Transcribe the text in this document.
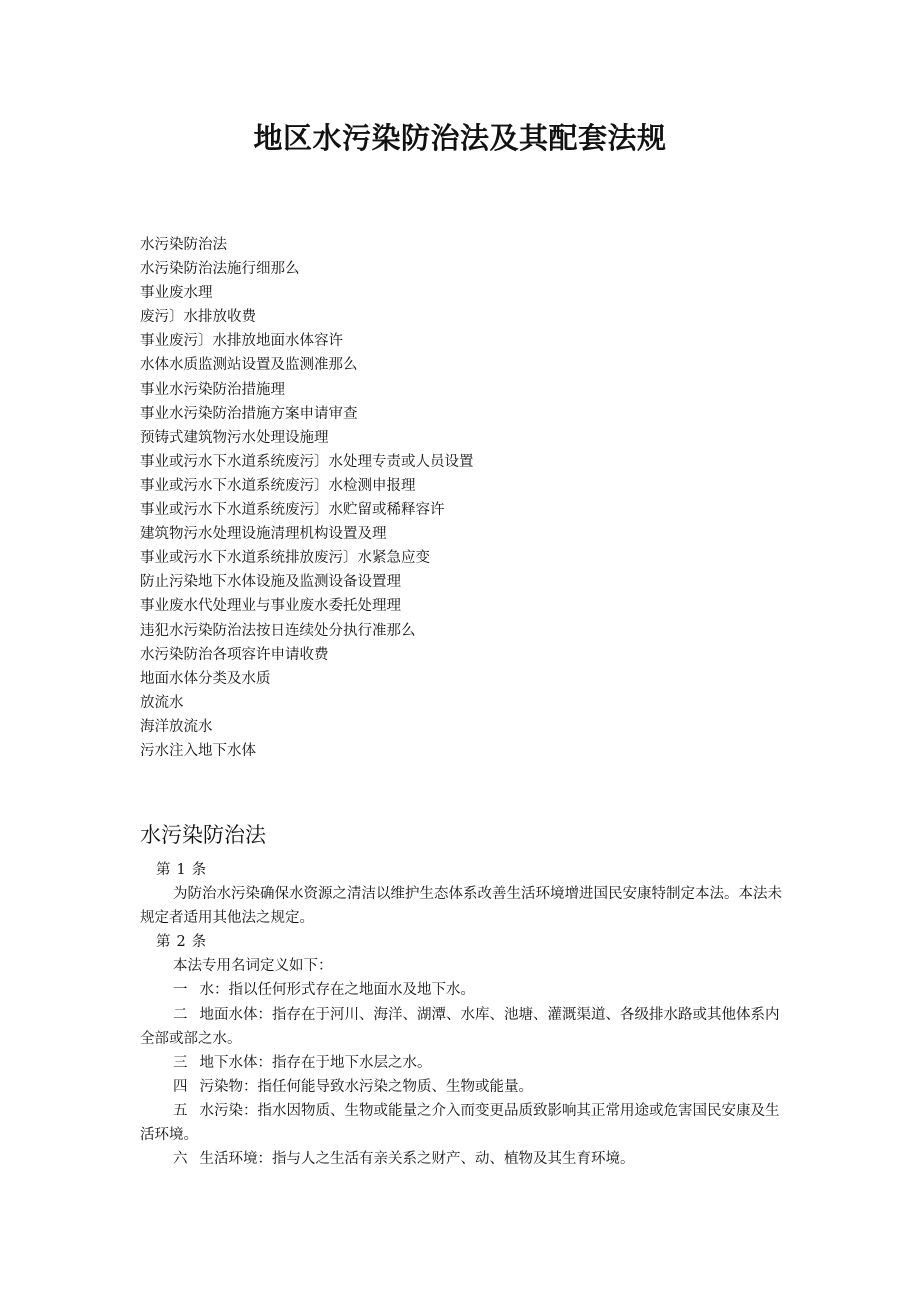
地区水污染防治法及其配套法规
水污染防治法
水污染防治法施行细那么
事业废水理
废污〕水排放收费
事业废污〕水排放地面水体容许
水体水质监测站设置及监测准那么
事业水污染防治措施理
事业水污染防治措施方案申请审查
预铸式建筑物污水处理设施理
事业或污水下水道系统废污〕水处理专责或人员设置
事业或污水下水道系统废污〕水检测申报理
事业或污水下水道系统废污〕水贮留或稀释容许
建筑物污水处理设施清理机构设置及理
事业或污水下水道系统排放废污〕水紧急应变
防止污染地下水体设施及监测设备设置理
事业废水代处理业与事业废水委托处理理
违犯水污染防治法按日连续处分执行准那么
水污染防治各项容许申请收费
地面水体分类及水质
放流水
海洋放流水
污水注入地下水体
水污染防治法
第 1 条

为防治水污染确保水资源之清洁以维护生态体系改善生活环境增进国民安康特制定本法。本法未规定者适用其他法之规定。

第 2 条

本法专用名词定义如下：

一 水：指以任何形式存在之地面水及地下水。

二 地面水体：指存在于河川、海洋、湖潭、水库、池塘、灌溉渠道、各级排水路或其他体系内全部或部之水。

三 地下水体：指存在于地下水层之水。

四 污染物：指任何能导致水污染之物质、生物或能量。

五 水污染：指水因物质、生物或能量之介入而变更品质致影响其正常用途或危害国民安康及生活环境。

六 生活环境：指与人之生活有亲关系之财产、动、植物及其生育环境。
